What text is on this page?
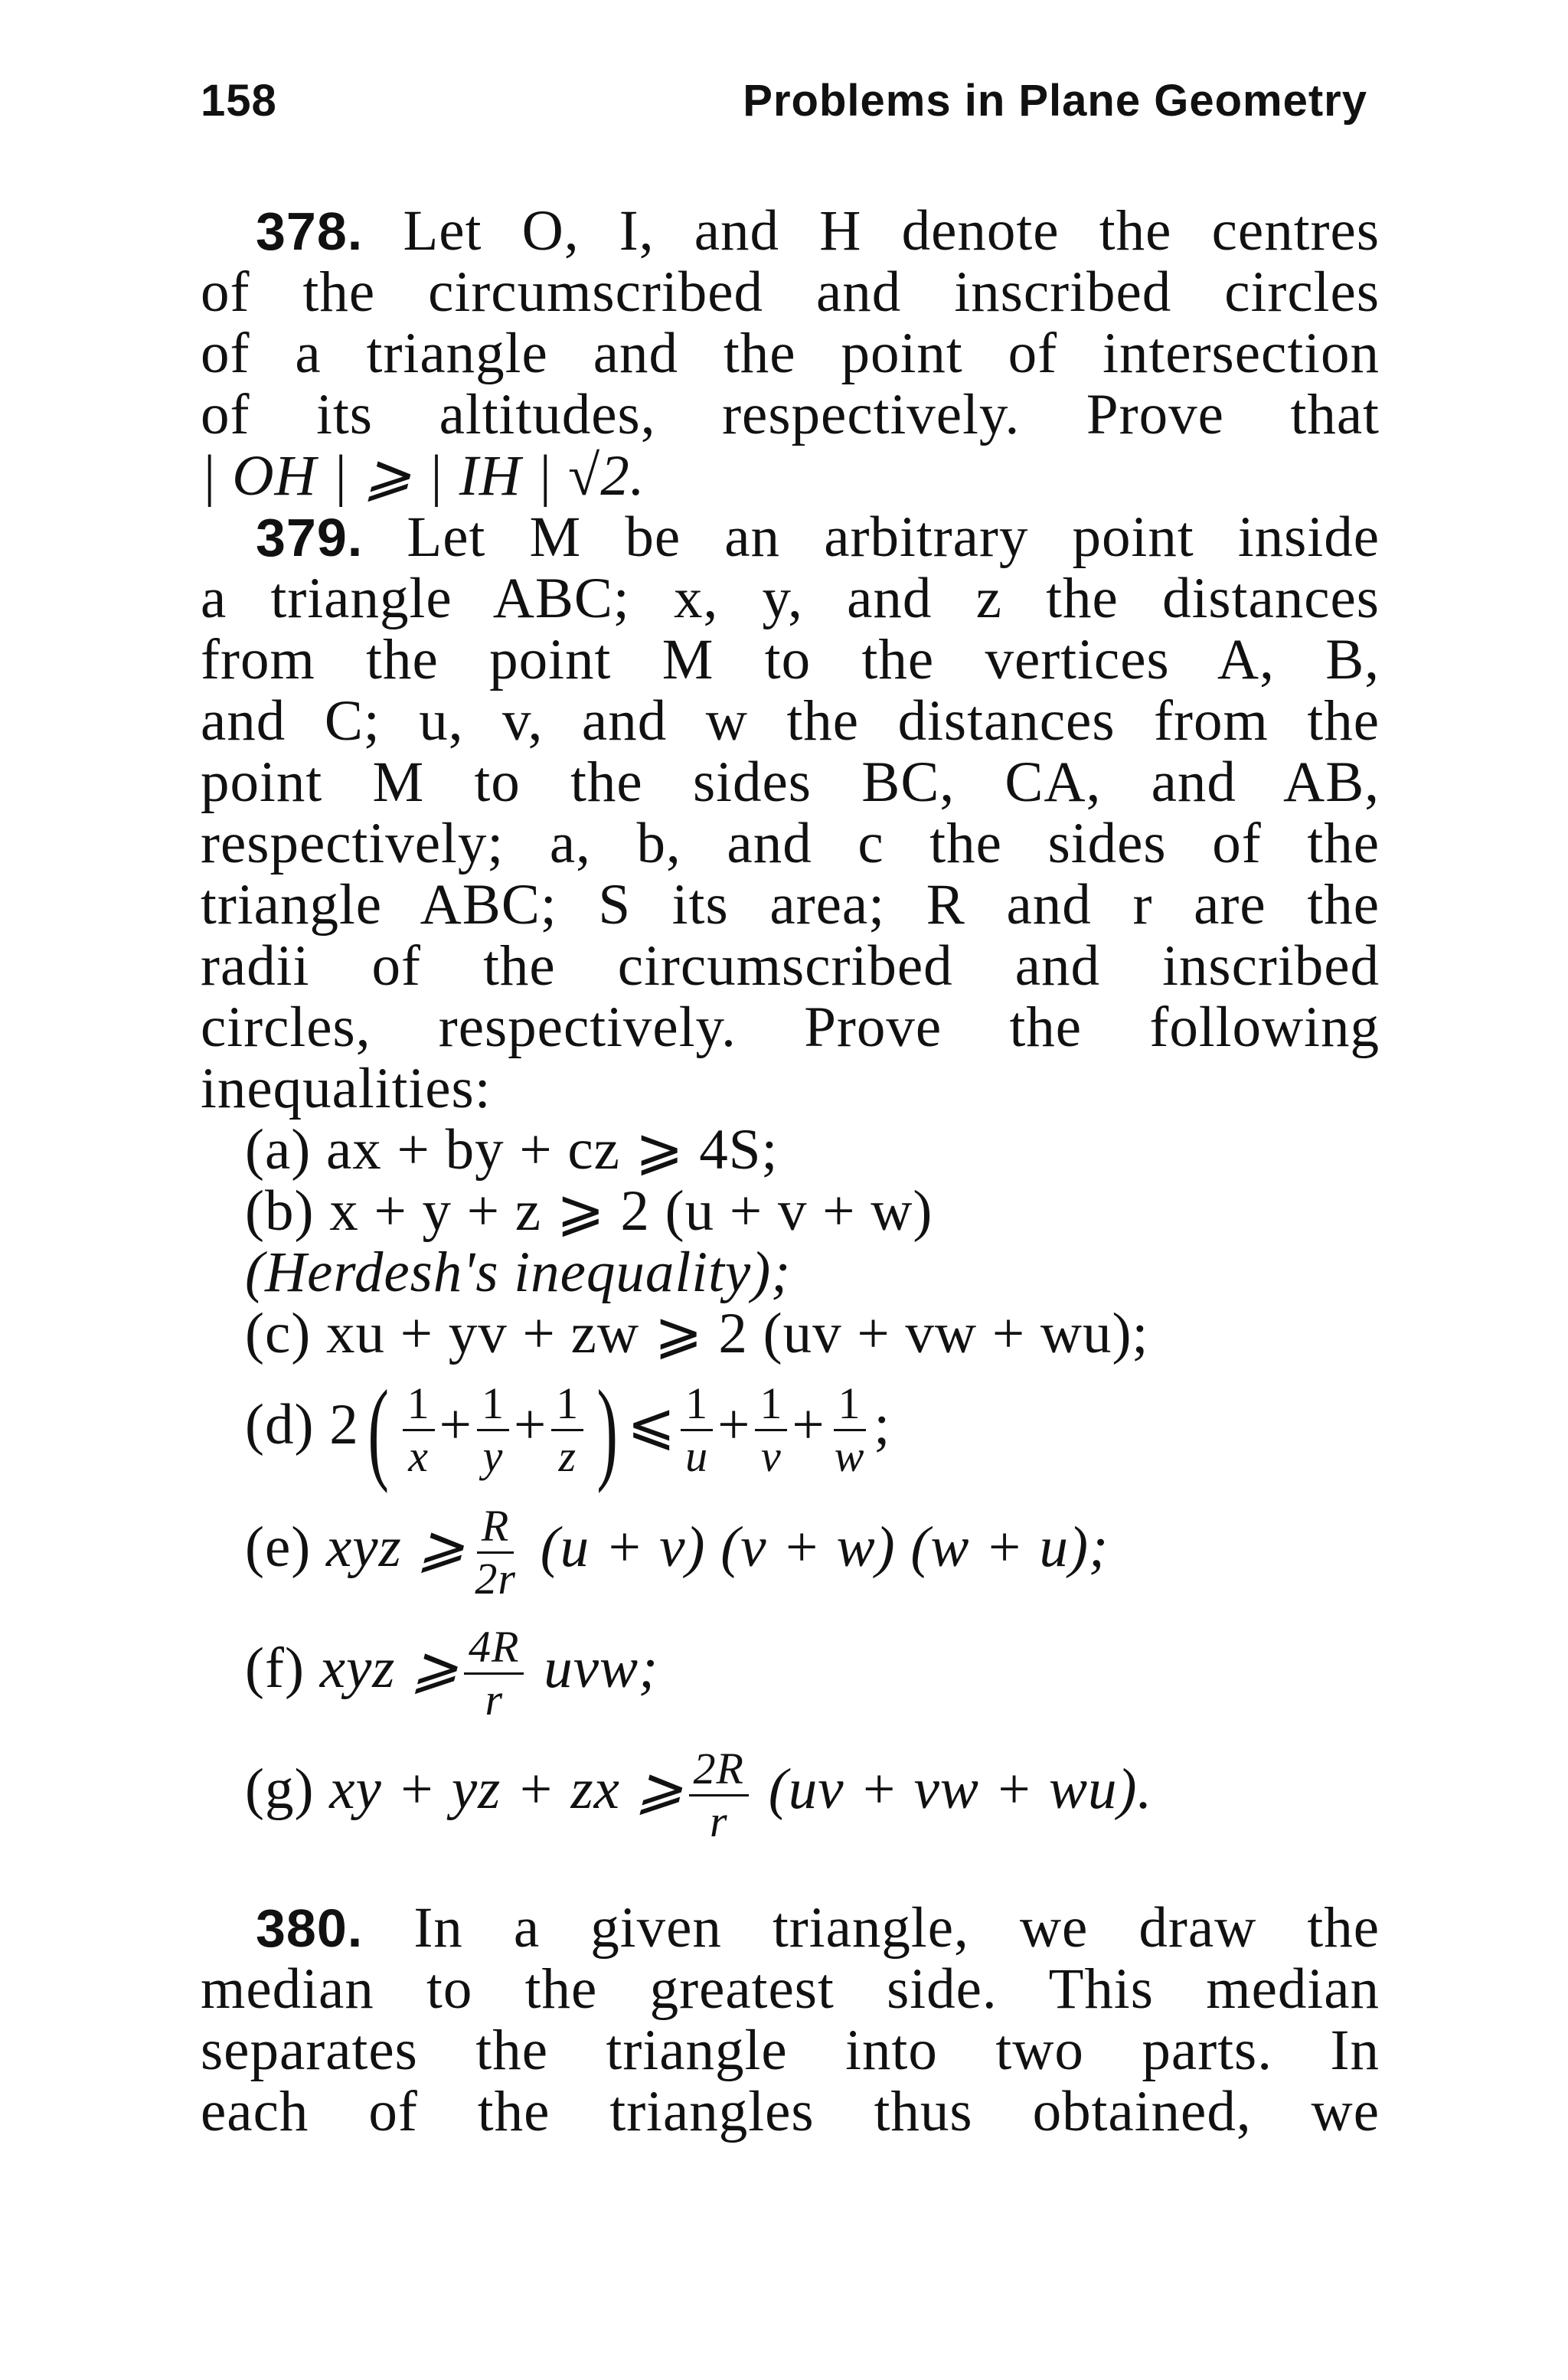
158	Problems in Plane Geometry

378. Let O, I, and H denote the centres

of the circumscribed and inscribed circles

of a triangle and the point of intersection

of its altitudes, respectively. Prove that

| OH | ⩾ | IH | √2.

379. Let M be an arbitrary point inside

a triangle ABC; x, y, and z the distances

from the point M to the vertices A, B,

and C; u, v, and w the distances from the

point M to the sides BC, CA, and AB,

respectively; a, b, and c the sides of the

triangle ABC; S its area; R and r are the

radii of the circumscribed and inscribed

circles, respectively. Prove the following

inequalities:

(a) ax + by + cz ⩾ 4S;

(b) x + y + z ⩾ 2 (u + v + w)

(Herdesh's inequality);

(c) xu + yv + zw ⩾ 2 (uv + vw + wu);

(d) $2( \frac{1}{x} + \frac{1}{y} + \frac{1}{z}$ ) ⩽ $\frac{1}{u} + \frac{1}{v} + \frac{1}{w}$ ;

(e) xyz ⩾ $\frac{R}{2r} (u + v) (v + w) (w + u)$;

(f) xyz ⩾ $\frac{4R}{r}$ uvw;

(g) xy + yz + zx ⩾ $\frac{2R}{r} (uv$ + vw + wu).

380. In a given triangle, we draw the

median to the greatest side. This median

separates the triangle into two parts. In

each of the triangles thus obtained, we
